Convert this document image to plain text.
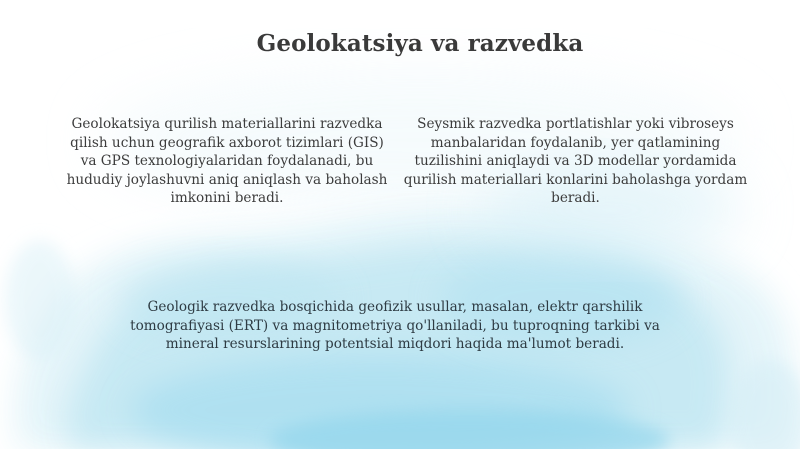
Geolokatsiya va razvedka

Geolokatsiya qurilish materiallarini razvedka qilish uchun geografik axborot tizimlari (GIS) va GPS texnologiyalaridan foydalanadi, bu hududiy joylashuvni aniq aniqlash va baholash imkonini beradi.

Seysmik razvedka portlatishlar yoki vibroseys manbalaridan foydalanib, yer qatlamining tuzilishini aniqlaydi va 3D modellar yordamida qurilish materiallari konlarini baholashga yordam beradi.

Geologik razvedka bosqichida geofizik usullar, masalan, elektr qarshilik tomografiyasi (ERT) va magnitometriya qo'llaniladi, bu tuproqning tarkibi va mineral resurslarining potentsial miqdori haqida ma'lumot beradi.
